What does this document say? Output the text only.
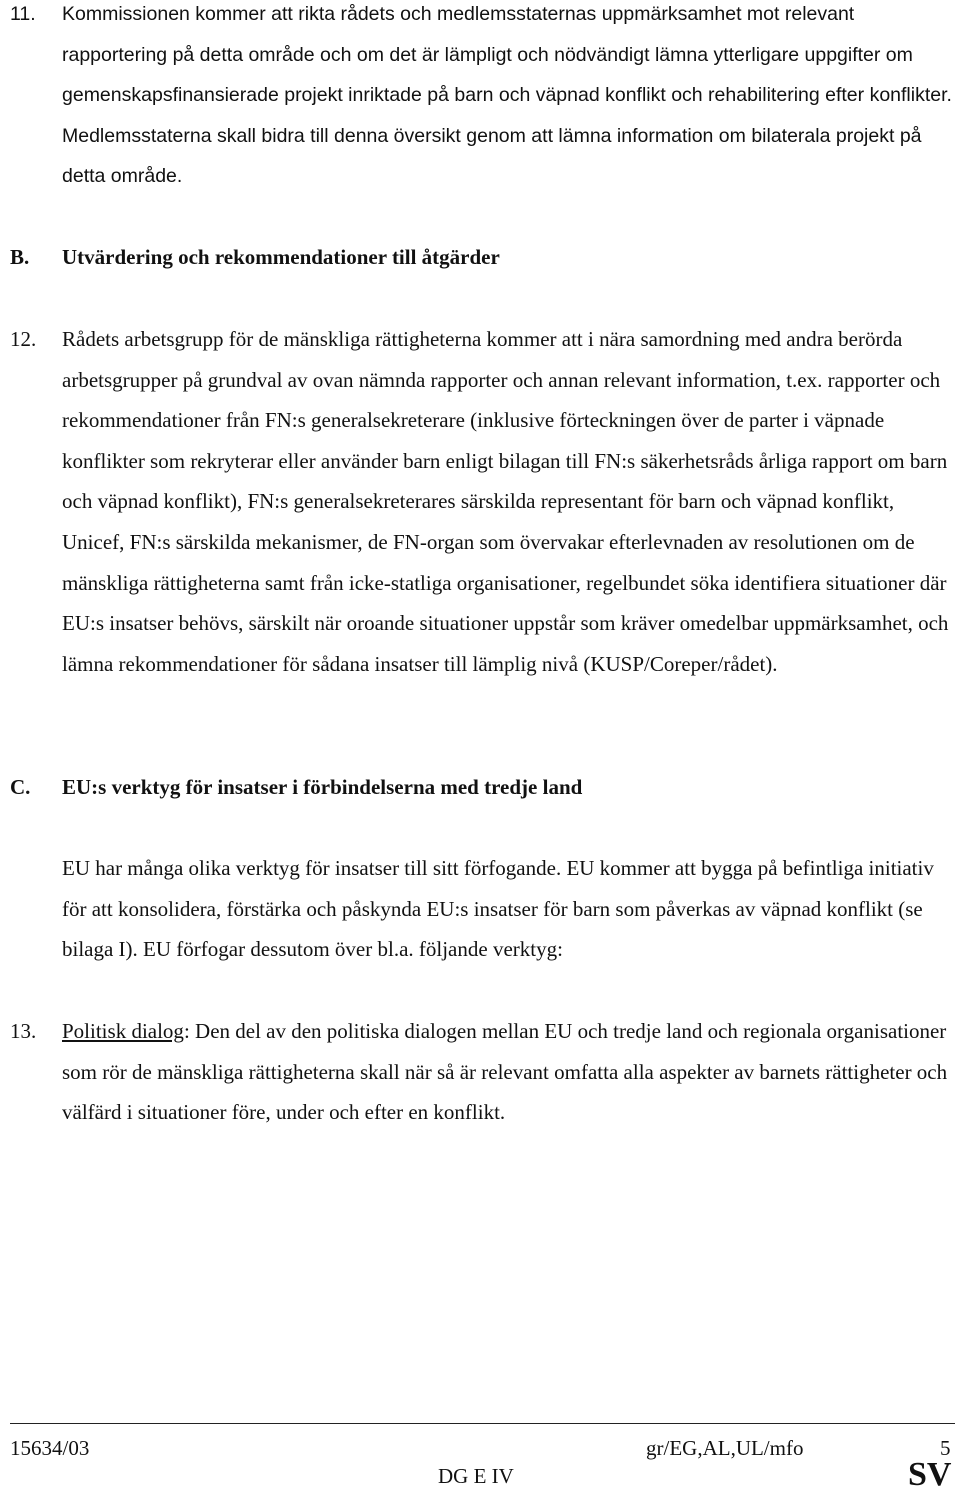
11. Kommissionen kommer att rikta rådets och medlemsstaternas uppmärksamhet mot relevant rapportering på detta område och om det är lämpligt och nödvändigt lämna ytterligare uppgifter om gemenskapsfinansierade projekt inriktade på barn och väpnad konflikt och rehabilitering efter konflikter. Medlemsstaterna skall bidra till denna översikt genom att lämna information om bilaterala projekt på detta område.
B. Utvärdering och rekommendationer till åtgärder
12. Rådets arbetsgrupp för de mänskliga rättigheterna kommer att i nära samordning med andra berörda arbetsgrupper på grundval av ovan nämnda rapporter och annan relevant information, t.ex. rapporter och rekommendationer från FN:s generalsekreterare (inklusive förteckningen över de parter i väpnade konflikter som rekryterar eller använder barn enligt bilagan till FN:s säkerhetsråds årliga rapport om barn och väpnad konflikt), FN:s generalsekreterares särskilda representant för barn och väpnad konflikt, Unicef, FN:s särskilda mekanismer, de FN-organ som övervakar efterlevnaden av resolutionen om de mänskliga rättigheterna samt från icke-statliga organisationer, regelbundet söka identifiera situationer där EU:s insatser behövs, särskilt när oroande situationer uppstår som kräver omedelbar uppmärksamhet, och lämna rekommendationer för sådana insatser till lämplig nivå (KUSP/Coreper/rådet).
C. EU:s verktyg för insatser i förbindelserna med tredje land
EU har många olika verktyg för insatser till sitt förfogande. EU kommer att bygga på befintliga initiativ för att konsolidera, förstärka och påskynda EU:s insatser för barn som påverkas av väpnad konflikt (se bilaga I). EU förfogar dessutom över bl.a. följande verktyg:
13. Politisk dialog: Den del av den politiska dialogen mellan EU och tredje land och regionala organisationer som rör de mänskliga rättigheterna skall när så är relevant omfatta alla aspekter av barnets rättigheter och välfärd i situationer före, under och efter en konflikt.
15634/03	gr/EG,AL,UL/mfo	5
DG E IV	SV
